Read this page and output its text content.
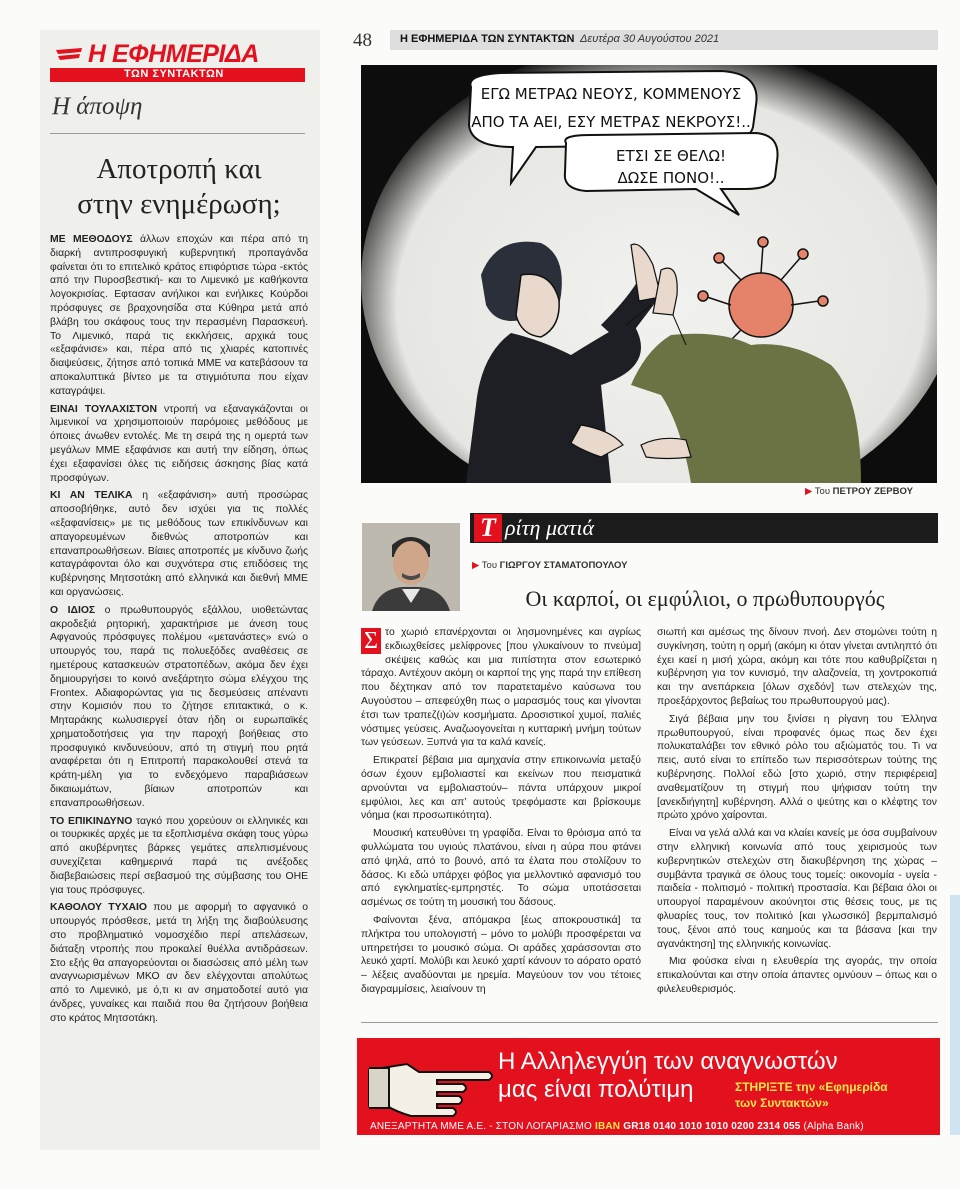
Η ΕΦΗΜΕΡΙΔΑ
ΤΩΝ ΣΥΝΤΑΚΤΩΝ
Η άποψη
Αποτροπή και
στην ενημέρωση;

ΜΕ ΜΕΘΟΔΟΥΣ άλλων εποχών και πέρα από τη διαρκή αντιπροσφυγική κυβερνητική προπαγάνδα φαίνεται ότι το επιτελικό κράτος επιφόρτισε τώρα -εκτός από την Πυροσβεστική- και το Λιμενικό με καθήκοντα λογοκρισίας. Εφτασαν ανήλικοι και ενήλικες Κούρδοι πρόσφυγες σε βραχονησίδα στα Κύθηρα μετά από βλάβη του σκάφους τους την περασμένη Παρασκευή. Το Λιμενικό, παρά τις εκκλήσεις, αρχικά τους «εξαφάνισε» και, πέρα από τις χλιαρές κατοπινές διαψεύσεις, ζήτησε από τοπικά ΜΜΕ να κατεβάσουν τα αποκαλυπτικά βίντεο με τα στιγμιότυπα που είχαν καταγράψει.

ΕΙΝΑΙ ΤΟΥΛΑΧΙΣΤΟΝ ντροπή να εξαναγκάζονται οι λιμενικοί να χρησιμοποιούν παρόμοιες μεθόδους με όποιες άνωθεν εντολές. Με τη σειρά της η ομερτά των μεγάλων ΜΜΕ εξαφάνισε και αυτή την είδηση, όπως έχει εξαφανίσει όλες τις ειδήσεις άσκησης βίας κατά προσφύγων.

ΚΙ ΑΝ ΤΕΛΙΚΑ η «εξαφάνιση» αυτή προσώρας αποσοβήθηκε, αυτό δεν ισχύει για τις πολλές «εξαφανίσεις» με τις μεθόδους των επικίνδυνων και απαγορευμένων διεθνώς αποτροπών και επαναπροωθήσεων. Βίαιες αποτροπές με κίνδυνο ζωής καταγράφονται όλο και συχνότερα στις επιδόσεις της κυβέρνησης Μητσοτάκη από ελληνικά και διεθνή ΜΜΕ και οργανώσεις.

Ο ΙΔΙΟΣ ο πρωθυπουργός εξάλλου, υιοθετώντας ακροδεξιά ρητορική, χαρακτήρισε με άνεση τους Αφγανούς πρόσφυγες πολέμου «μετανάστες» ενώ ο υπουργός του, παρά τις πολυεξόδες αναθέσεις σε ημετέρους κατασκευών στρατοπέδων, ακόμα δεν έχει δημιουργήσει το κοινό ανεξάρτητο σώμα ελέγχου της Frontex. Αδιαφορώντας για τις δεσμεύσεις απέναντι στην Κομισιόν που το ζήτησε επιτακτικά, ο κ. Μηταράκης κωλυσιεργεί όταν ήδη οι ευρωπαϊκές χρηματοδοτήσεις για την παροχή βοήθειας στο προσφυγικό κινδυνεύουν, από τη στιγμή που ρητά αναφέρεται ότι η Επιτροπή παρακολουθεί στενά τα κράτη-μέλη για το ενδεχόμενο παραβιάσεων δικαιωμάτων, βίαιων αποτροπών και επαναπροωθήσεων.

ΤΟ ΕΠΙΚΙΝΔΥΝΟ ταγκό που χορεύουν οι ελληνικές και οι τουρκικές αρχές με τα εξοπλισμένα σκάφη τους γύρω από ακυβέρνητες βάρκες γεμάτες απελπισμένους συνεχίζεται καθημερινά παρά τις ανέξοδες διαβεβαιώσεις περί σεβασμού της σύμβασης του ΟΗΕ για τους πρόσφυγες.

ΚΑΘΟΛΟΥ ΤΥΧΑΙΟ που με αφορμή το αφγανικό ο υπουργός πρόσθεσε, μετά τη λήξη της διαβούλευσης στο προβληματικό νομοσχέδιο περί απελάσεων, διάταξη ντροπής που προκαλεί θυέλλα αντιδράσεων. Στο εξής θα απαγορεύονται οι διασώσεις από μέλη των αναγνωρισμένων ΜΚΟ αν δεν ελέγχονται απολύτως από το Λιμενικό, με ό,τι κι αν σηματοδοτεί αυτό για άνδρες, γυναίκες και παιδιά που θα ζητήσουν βοήθεια στο κράτος Μητσοτάκη.

48	Η ΕΦΗΜΕΡΙΔΑ ΤΩΝ ΣΥΝΤΑΚΤΩΝ Δευτέρα 30 Αυγούστου 2021
ΕΓΩ ΜΕΤΡΑΩ ΝΕΟΥΣ, ΚΟΜΜΕΝΟΥΣ
ΑΠΟ ΤΑ ΑΕΙ, ΕΣΥ ΜΕΤΡΑΣ ΝΕΚΡΟΥΣ!..
ΕΤΣΙ ΣΕ ΘΕΛΩ!
ΔΩΣΕ ΠΟΝΟ!..
▶ Του ΠΕΤΡΟΥ ΖΕΡΒΟΥ
Τ ρίτη ματιά
▶ Του ΓΙΩΡΓΟΥ ΣΤΑΜΑΤΟΠΟΥΛΟΥ
Οι καρποί, οι εμφύλιοι, ο πρωθυπουργός

Σ το χωριό επανέρχονται οι λησμονημένες και αγρίως εκδιωχθείσες μελίφρονες [που γλυκαίνουν το πνεύμα] σκέψεις καθώς και μια πιπίστητα στον εσωτερικό τάραχο. Αντέχουν ακόμη οι καρποί της γης παρά την επίθεση που δέχτηκαν από τον παρατεταμένο καύσωνα του Αυγούστου – απεφεύχθη πως ο μαρασμός τους και γίνονται έτσι των τραπεζ(ι)ών κοσμήματα. Δροσιστικοί χυμοί, παλιές νόστιμες γεύσεις. Αναζωογονείται η κυτταρική μνήμη τούτων των γεύσεων. Ξυπνά για τα καλά κανείς.

Επικρατεί βέβαια μια αμηχανία στην επικοινωνία μεταξύ όσων έχουν εμβολιαστεί και εκείνων που πεισματικά αρνούνται να εμβολιαστούν– πάντα υπάρχουν μικροί εμφύλιοι, λες και απ’ αυτούς τρεφόμαστε και βρίσκουμε νόημα (και προσωπικότητα).

Μουσική κατευθύνει τη γραφίδα. Είναι το θρόισμα από τα φυλλώματα του υγιούς πλατάνου, είναι η αύρα που φτάνει από ψηλά, από το βουνό, από τα έλατα που στολίζουν το δάσος. Κι εδώ υπάρχει φόβος για μελλοντικό αφανισμό του από εγκληματίες-εμπρηστές. Το σώμα υποτάσσεται ασμένως σε τούτη τη μουσική του δάσους.

Φαίνονται ξένα, απόμακρα [έως αποκρουστικά] τα πλήκτρα του υπολογιστή – μόνο το μολύβι προσφέρεται να υπηρετήσει το μουσικό σώμα. Οι αράδες χαράσσονται στο λευκό χαρτί. Μολύβι και λευκό χαρτί κάνουν το αόρατο ορατό – λέξεις αναδύονται με ηρεμία. Μαγεύουν τον νου τέτοιες διαγραμμίσεις, λειαίνουν τη

σιωπή και αμέσως της δίνουν πνοή. Δεν στομώνει τούτη η συγκίνηση, τούτη η ορμή (ακόμη κι όταν γίνεται αντιληπτό ότι έχει καεί η μισή χώρα, ακόμη και τότε που καθυβρίζεται η κυβέρνηση για τον κυνισμό, την αλαζονεία, τη χοντροκοπιά και την ανεπάρκεια [όλων σχεδόν] των στελεχών της, προεξάρχοντος βεβαίως του πρωθυπουργού μας).

Σιγά βέβαια μην του ξινίσει η ρίγανη του Έλληνα πρωθυπουργού, είναι προφανές όμως πως δεν έχει πολυκαταλάβει τον εθνικό ρόλο του αξιώματός του. Τι να πεις, αυτό είναι το επίπεδο των περισσότερων τούτης της κυβέρνησης. Πολλοί εδώ [στο χωριό, στην περιφέρεια] αναθεματίζουν τη στιγμή που ψήφισαν τούτη την [ανεκδιήγητη] κυβέρνηση. Αλλά ο ψεύτης και ο κλέφτης τον πρώτο χρόνο χαίρονται.

Είναι να γελά αλλά και να κλαίει κανείς με όσα συμβαίνουν στην ελληνική κοινωνία από τους χειρισμούς των κυβερνητικών στελεχών στη διακυβέρνηση της χώρας – συμβάντα τραγικά σε όλους τους τομείς: οικονομία - υγεία - παιδεία - πολιτισμό - πολιτική προστασία. Και βέβαια όλοι οι υπουργοί παραμένουν ακούνητοι στις θέσεις τους, με τις φλυαρίες τους, τον πολιτικό [και γλωσσικό] βερμπαλισμό τους, ξένοι από τους καημούς και τα βάσανα [και την αγανάκτηση] της ελληνικής κοινωνίας.

Μια φούσκα είναι η ελευθερία της αγοράς, την οποία επικαλούνται και στην οποία άπαντες ομνύουν – όπως και ο φιλελευθερισμός.

Η Αλληλεγγύη των αναγνωστών
μας είναι πολύτιμη	ΣΤΗΡΙΞΤΕ την «Εφημερίδα
των Συντακτών»
ΑΝΕΞΑΡΤΗΤΑ ΜΜΕ Α.Ε. - ΣΤΟΝ ΛΟΓΑΡΙΑΣΜΟ IBAN GR18 0140 1010 1010 0200 2314 055 (Alpha Bank)
